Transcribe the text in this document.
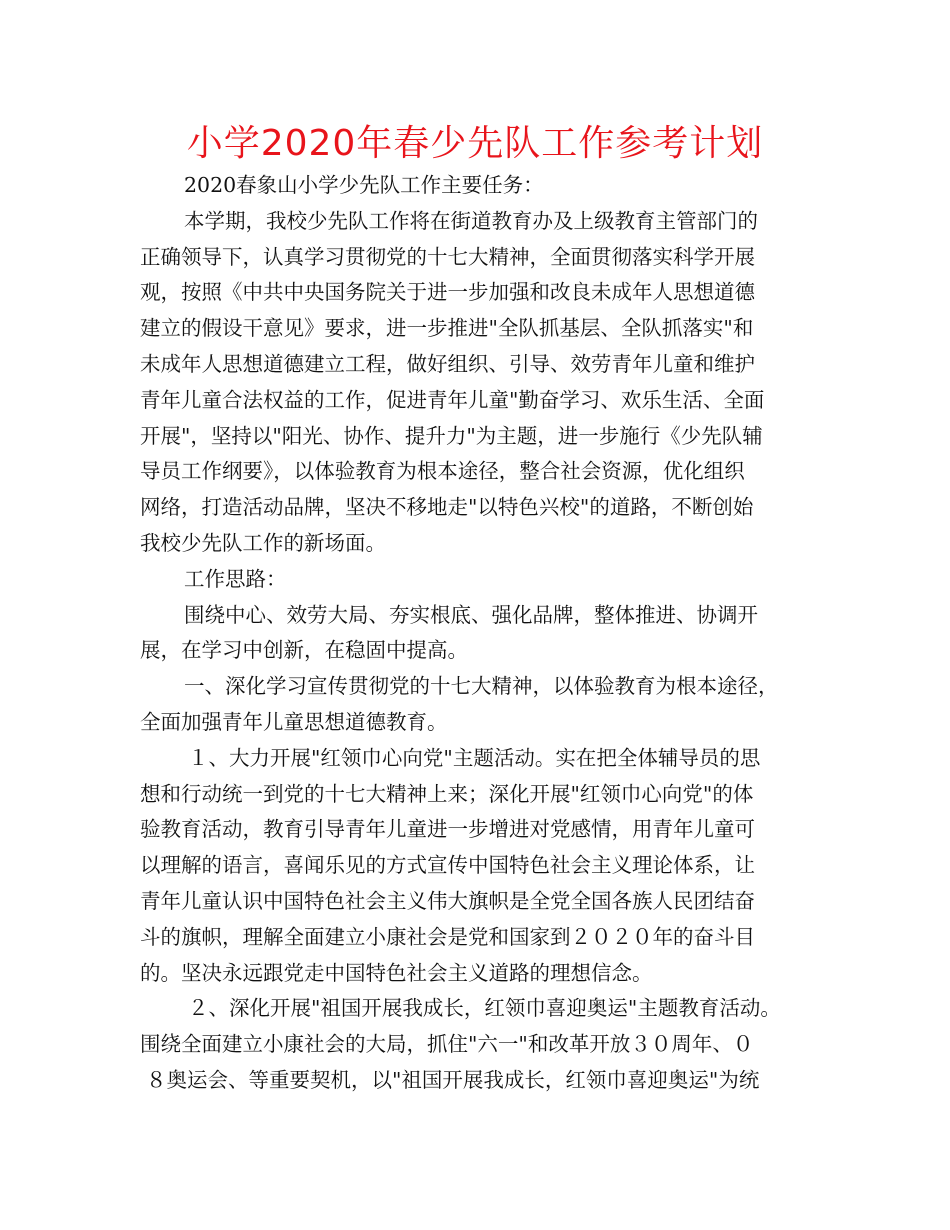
小学2020年春少先队工作参考计划
2020春象山小学少先队工作主要任务：
本学期，我校少先队工作将在街道教育办及上级教育主管部门的
正确领导下，认真学习贯彻党的十七大精神，全面贯彻落实科学开展
观，按照《中共中央国务院关于进一步加强和改良未成年人思想道德
建立的假设干意见》要求，进一步推进"全队抓基层、全队抓落实"和
未成年人思想道德建立工程，做好组织、引导、效劳青年儿童和维护
青年儿童合法权益的工作，促进青年儿童"勤奋学习、欢乐生活、全面
开展"，坚持以"阳光、协作、提升力"为主题，进一步施行《少先队辅
导员工作纲要》，以体验教育为根本途径，整合社会资源，优化组织
网络，打造活动品牌，坚决不移地走"以特色兴校"的道路，不断创始
我校少先队工作的新场面。
工作思路：
围绕中心、效劳大局、夯实根底、强化品牌，整体推进、协调开
展，在学习中创新，在稳固中提高。
一、深化学习宣传贯彻党的十七大精神，以体验教育为根本途径，
全面加强青年儿童思想道德教育。
１、大力开展"红领巾心向党"主题活动。实在把全体辅导员的思
想和行动统一到党的十七大精神上来；深化开展"红领巾心向党"的体
验教育活动，教育引导青年儿童进一步增进对党感情，用青年儿童可
以理解的语言，喜闻乐见的方式宣传中国特色社会主义理论体系，让
青年儿童认识中国特色社会主义伟大旗帜是全党全国各族人民团结奋
斗的旗帜，理解全面建立小康社会是党和国家到２０２０年的奋斗目
的。坚决永远跟党走中国特色社会主义道路的理想信念。
２、深化开展"祖国开展我成长，红领巾喜迎奥运"主题教育活动。
围绕全面建立小康社会的大局，抓住"六一"和改革开放３０周年、０
８奥运会、等重要契机，以"祖国开展我成长，红领巾喜迎奥运"为统
